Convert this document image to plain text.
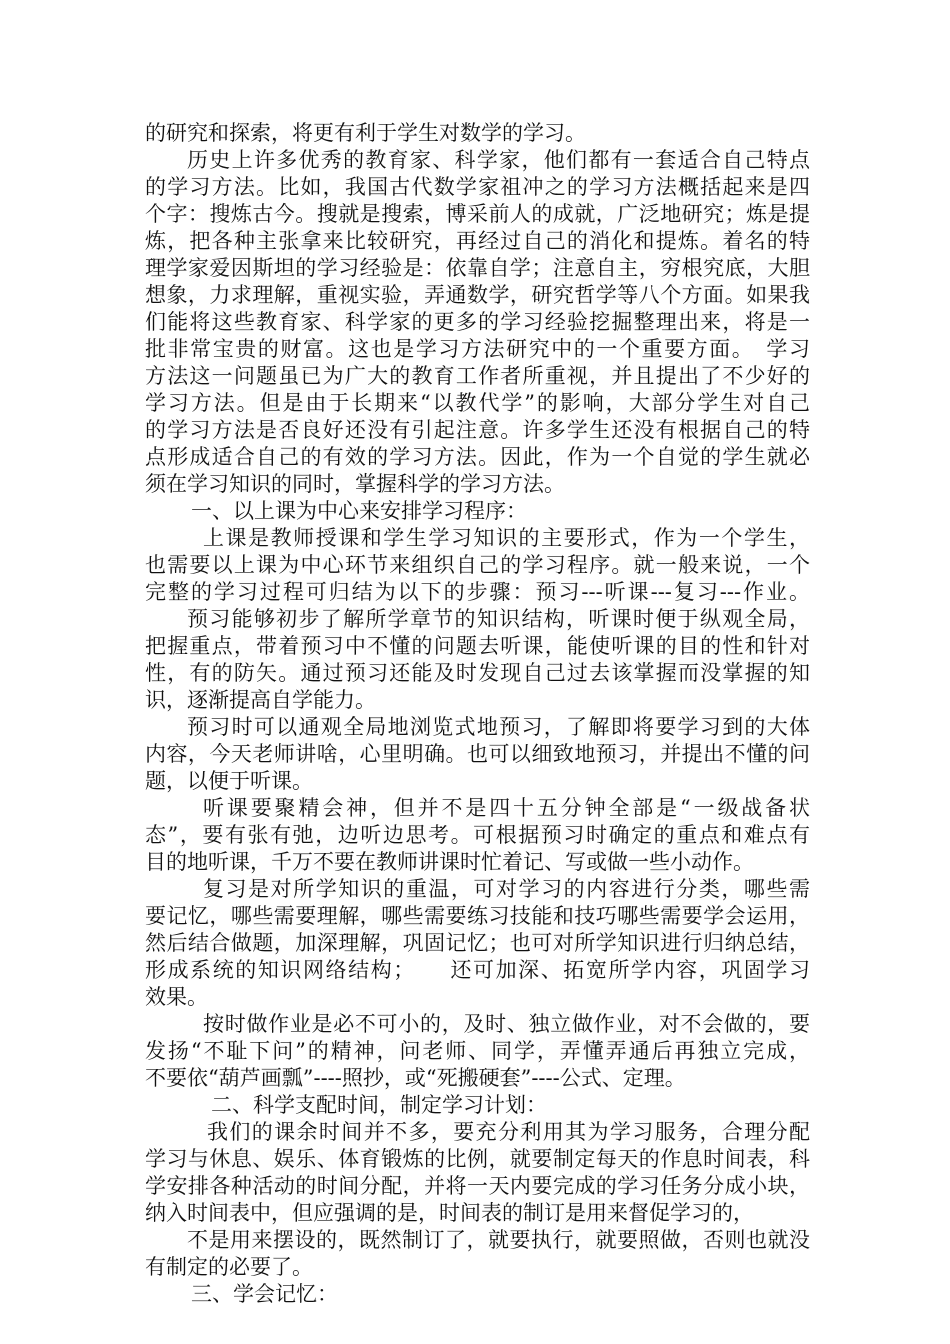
的研究和探索，将更有利于学生对数学的学习。
历史上许多优秀的教育家、科学家，他们都有一套适合自己特点
的学习方法。比如，我国古代数学家祖冲之的学习方法概括起来是四
个字：搜炼古今。搜就是搜索，博采前人的成就，广泛地研究；炼是提
炼，把各种主张拿来比较研究，再经过自己的消化和提炼。着名的特
理学家爱因斯坦的学习经验是：依靠自学；注意自主，穷根究底，大胆
想象，力求理解，重视实验，弄通数学，研究哲学等八个方面。如果我
们能将这些教育家、科学家的更多的学习经验挖掘整理出来，将是一
批非常宝贵的财富。这也是学习方法研究中的一个重要方面。　学习
方法这一问题虽已为广大的教育工作者所重视，并且提出了不少好的
学习方法。但是由于长期来“以教代学”的影响，大部分学生对自己
的学习方法是否良好还没有引起注意。许多学生还没有根据自己的特
点形成适合自己的有效的学习方法。因此，作为一个自觉的学生就必
须在学习知识的同时，掌握科学的学习方法。
一、以上课为中心来安排学习程序：
上课是教师授课和学生学习知识的主要形式，作为一个学生，
也需要以上课为中心环节来组织自己的学习程序。就一般来说，一个
完整的学习过程可归结为以下的步骤：预习---听课---复习---作业。
预习能够初步了解所学章节的知识结构，听课时便于纵观全局，
把握重点，带着预习中不懂的问题去听课，能使听课的目的性和针对
性，有的防矢。通过预习还能及时发现自己过去该掌握而没掌握的知
识，逐渐提高自学能力。
预习时可以通观全局地浏览式地预习，了解即将要学习到的大体
内容，今天老师讲啥，心里明确。也可以细致地预习，并提出不懂的问
题，以便于听课。
听课要聚精会神，但并不是四十五分钟全部是“一级战备状
态”，要有张有弛，边听边思考。可根据预习时确定的重点和难点有
目的地听课，千万不要在教师讲课时忙着记、写或做一些小动作。
复习是对所学知识的重温，可对学习的内容进行分类，哪些需
要记忆，哪些需要理解，哪些需要练习技能和技巧哪些需要学会运用，
然后结合做题，加深理解，巩固记忆；也可对所学知识进行归纳总结，
形成系统的知识网络结构；　　还可加深、拓宽所学内容，巩固学习
效果。
按时做作业是必不可小的，及时、独立做作业，对不会做的，要
发扬“不耻下问”的精神，问老师、同学，弄懂弄通后再独立完成，
不要依“葫芦画瓢”----照抄，或“死搬硬套”----公式、定理。
二、科学支配时间，制定学习计划：
我们的课余时间并不多，要充分利用其为学习服务，合理分配
学习与休息、娱乐、体育锻炼的比例，就要制定每天的作息时间表，科
学安排各种活动的时间分配，并将一天内要完成的学习任务分成小块，
纳入时间表中，但应强调的是，时间表的制订是用来督促学习的，
不是用来摆设的，既然制订了，就要执行，就要照做，否则也就没
有制定的必要了。
三、学会记忆：
